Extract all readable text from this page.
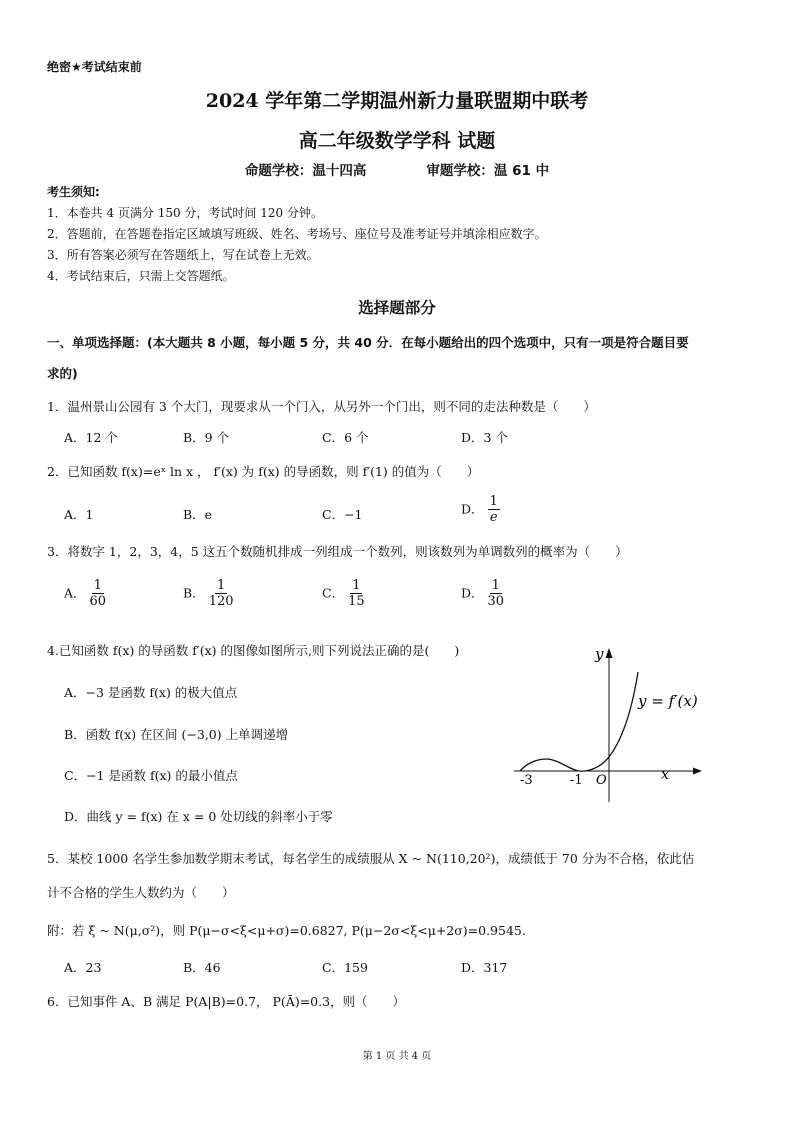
绝密★考试结束前
2024 学年第二学期温州新力量联盟期中联考
高二年级数学学科 试题
命题学校：温十四高	审题学校：温 61 中
考生须知:
1．本卷共 4 页满分 150 分，考试时间 120 分钟。
2．答题前，在答题卷指定区域填写班级、姓名、考场号、座位号及准考证号并填涂相应数字。
3．所有答案必须写在答题纸上，写在试卷上无效。
4．考试结束后，只需上交答题纸。
选择题部分
一、单项选择题：(本大题共 8 小题，每小题 5 分，共 40 分．在每小题给出的四个选项中，只有一项是符合题目要
求的)
1．温州景山公园有 3 个大门，现要求从一个门入，从另外一个门出，则不同的走法种数是（　　）
A．12 个	B．9 个	C．6 个	D．3 个
2．已知函数 f(x)=eˣ ln x ， f′(x) 为 f(x) 的导函数，则 f′(1) 的值为（　　）
A．1	B．e	C．−1	D． $\frac{1}{e}$
3．将数字 1，2，3，4，5 这五个数随机排成一列组成一个数列，则该数列为单调数列的概率为（　　）
A． $\frac{1}{60}$	B． $\frac{1}{120}$	C． $\frac{1}{15}$	D． $\frac{1}{30}$
4.已知函数 f(x) 的导函数 f′(x) 的图像如图所示,则下列说法正确的是(　　)
A．−3 是函数 f(x) 的极大值点
B．函数 f(x) 在区间 (−3,0) 上单调递增
C．−1 是函数 f(x) 的最小值点
D．曲线 y = f(x) 在 x = 0 处切线的斜率小于零
y
x
y = f′(x)
-3	-1 O
5．某校 1000 名学生参加数学期末考试，每名学生的成绩服从 X ~ N(110,20²)，成绩低于 70 分为不合格，依此估
计不合格的学生人数约为（　　）
附：若 ξ ~ N(μ,σ²)，则 P(μ−σ<ξ<μ+σ)=0.6827, P(μ−2σ<ξ<μ+2σ)=0.9545.
A．23	B．46	C．159	D．317
6．已知事件 A、B 满足 P(A|B)=0.7， P(Ā)=0.3，则（　　）
第 1 页 共 4 页
